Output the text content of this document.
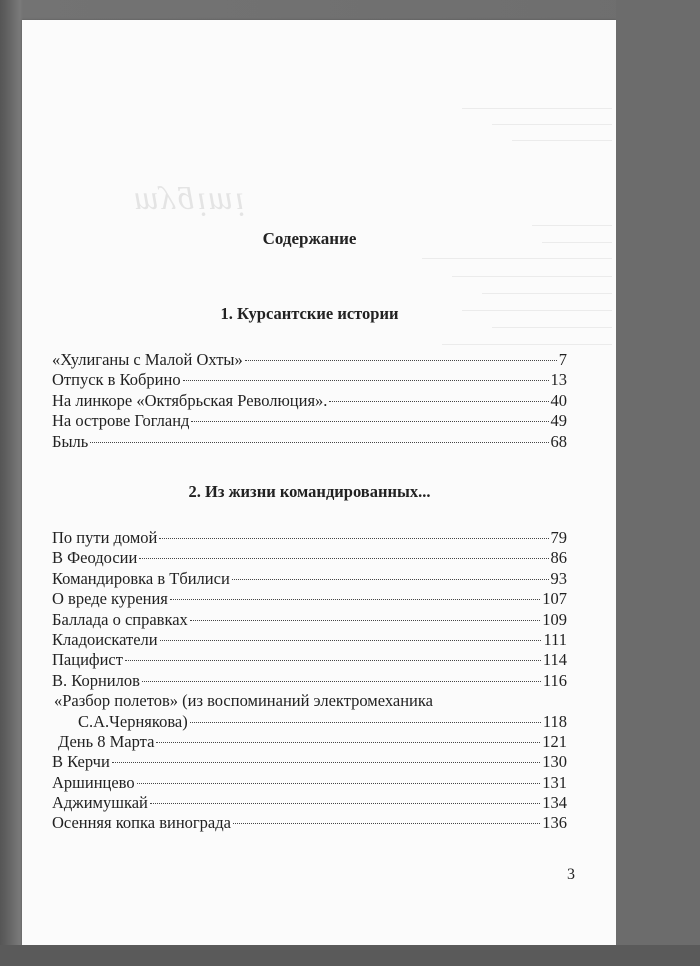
ᴉɯᴉƃʎɯ
Содержание
1. Курсантские истории
«Хулиганы с Малой Охты»	7
Отпуск в Кобрино	13
На линкоре «Октябрьская Революция».	40
На острове Гогланд	49
Быль	68
2. Из жизни командированных...
По пути домой	79
В Феодосии	86
Командировка в Тбилиси	93
О вреде курения	107
Баллада о справках	109
Кладоискатели	111
Пацифист	114
В. Корнилов	116
«Разбор полетов» (из воспоминаний электромеханика
С.А.Чернякова)	118
День 8 Марта	121
В Керчи	130
Аршинцево	131
Аджимушкай	134
Осенняя копка винограда	136
3
